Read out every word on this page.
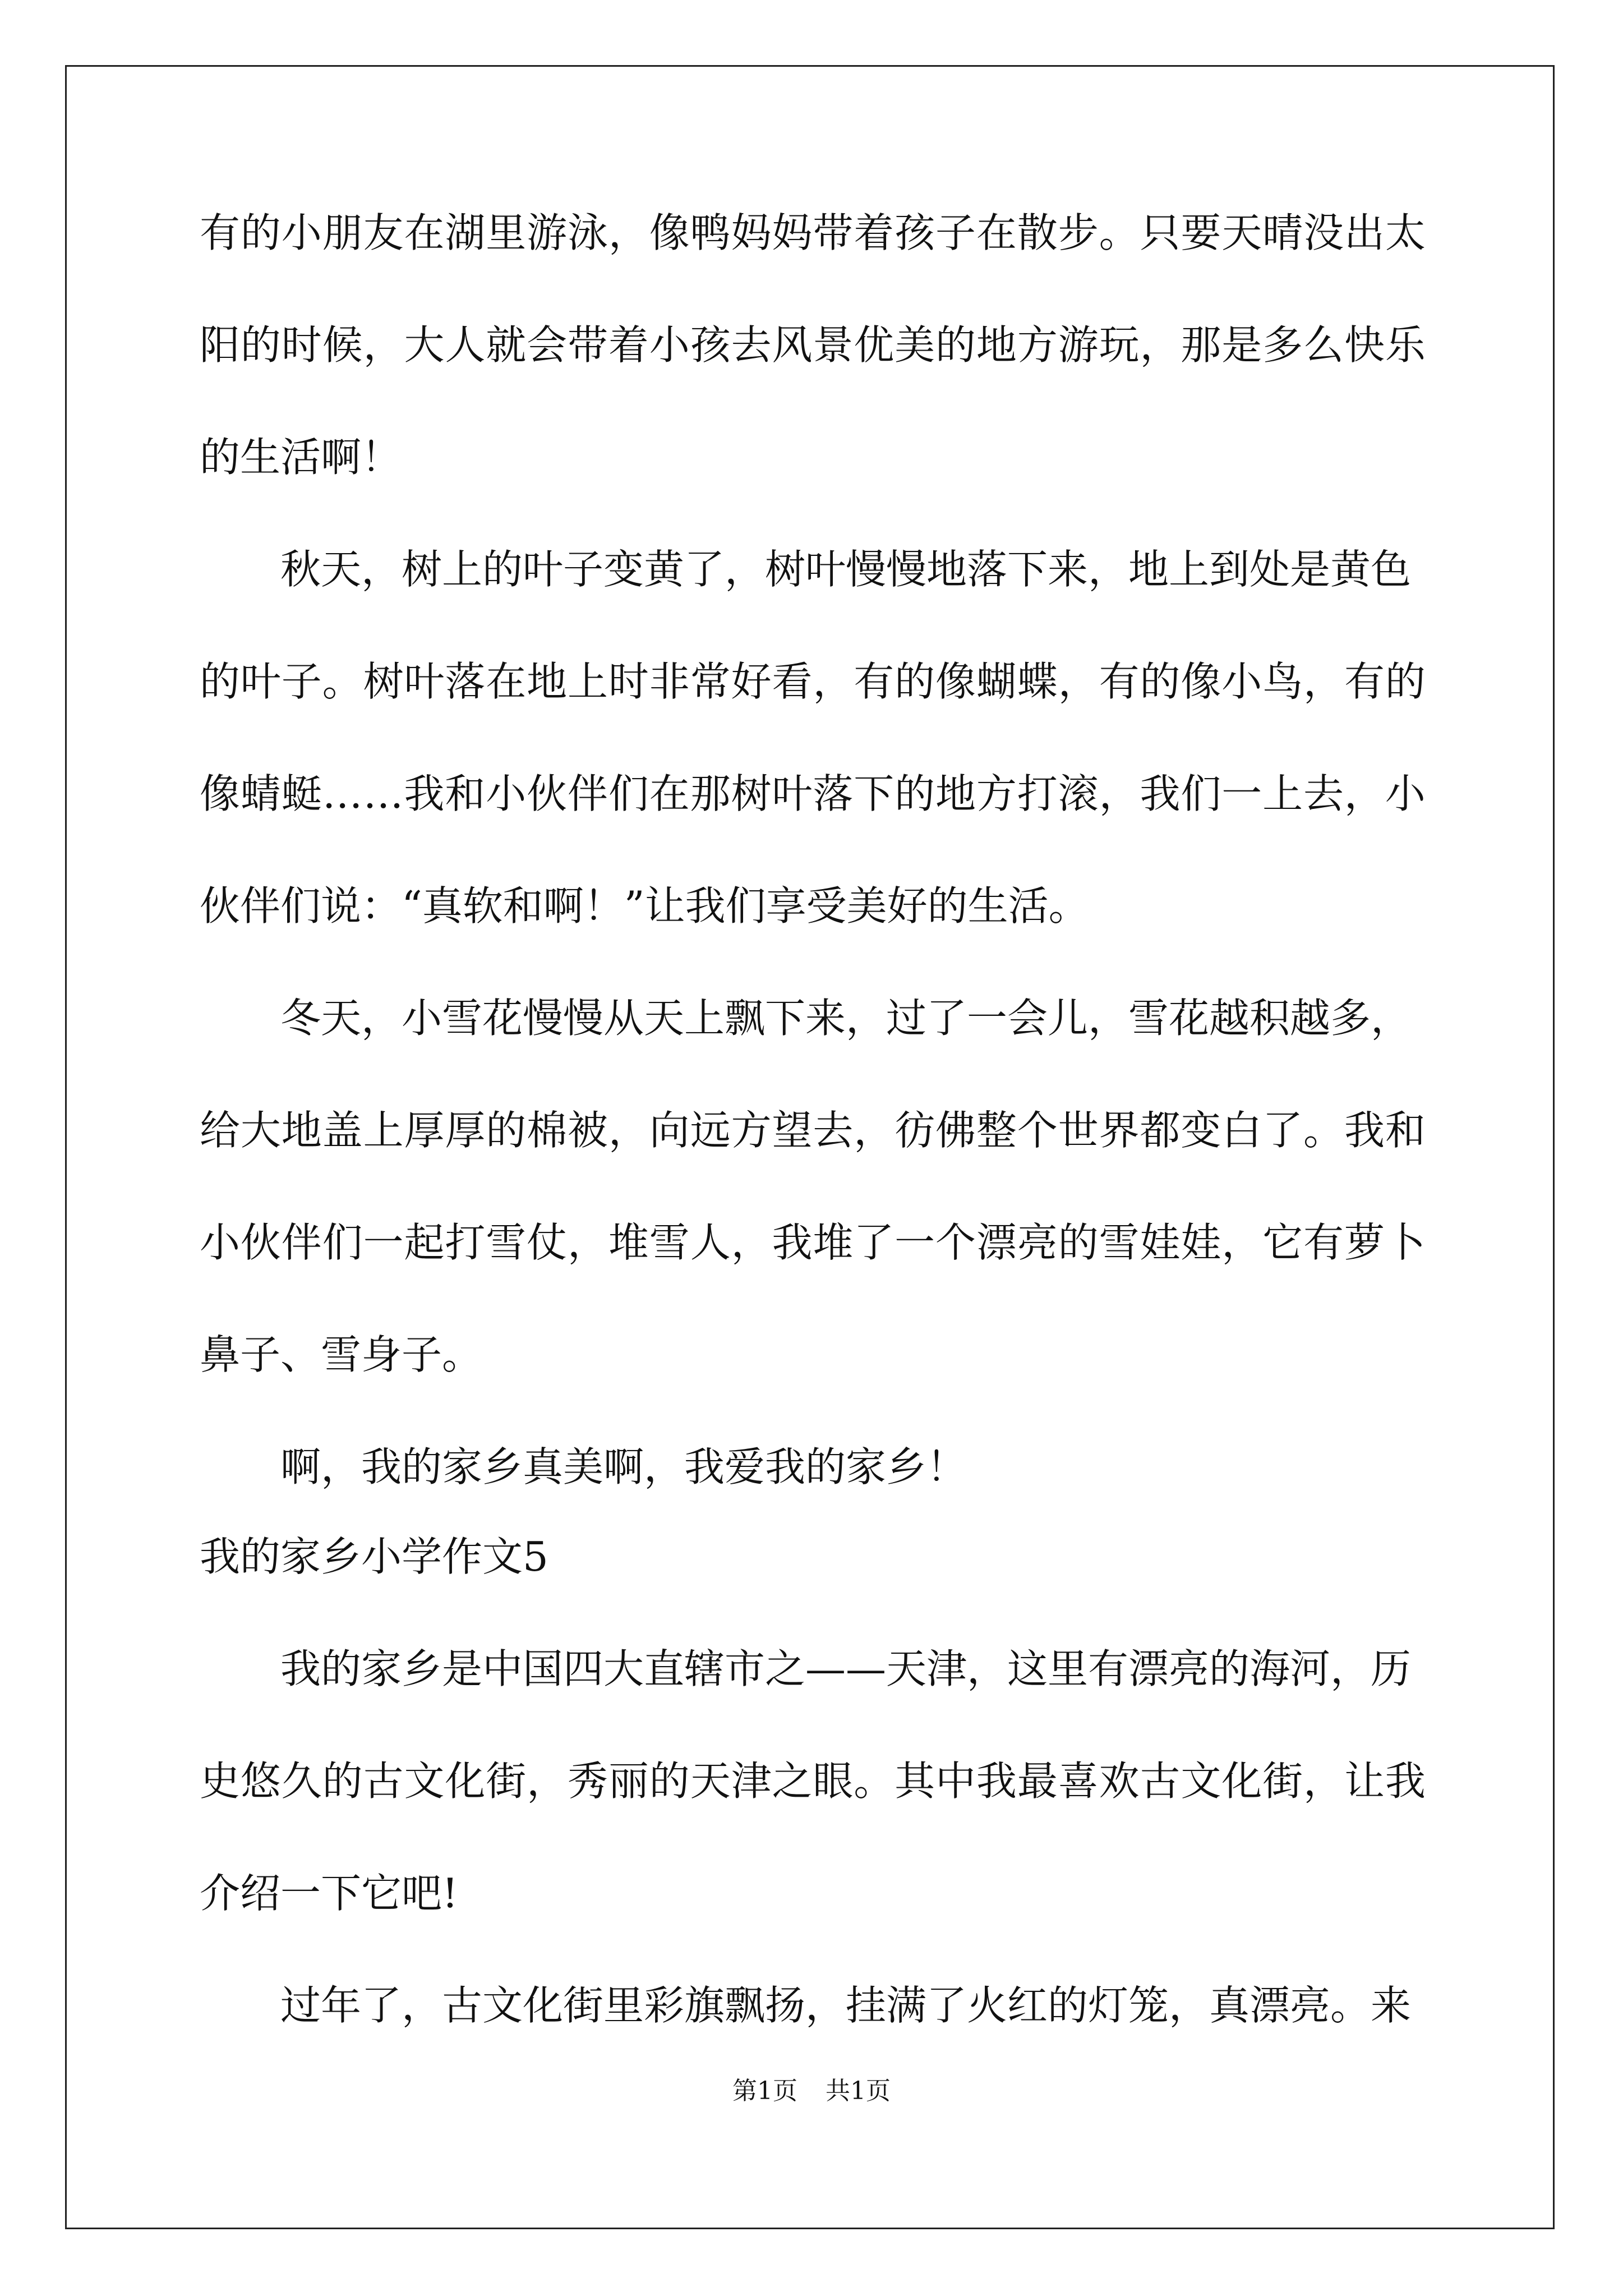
有 的 小 朋 友 在 湖 里 游 泳 ， 像 鸭 妈 妈 带 着 孩 子 在 散 步 。 只 要 天 晴 没 出 太
阳 的 时 候 ， 大 人 就 会 带 着 小 孩 去 风 景 优 美 的 地 方 游 玩 ， 那 是 多 么 快 乐
的生活啊！
秋天，树上的叶子变黄了，树叶慢慢地落下来，地上到处是黄色
的 叶 子 。 树 叶 落 在 地 上 时 非 常 好 看 ， 有 的 像 蝴 蝶 ， 有 的 像 小 鸟 ， 有 的
像 蜻 蜓 … … 我 和 小 伙 伴 们 在 那 树 叶 落 下 的 地 方 打 滚 ， 我 们 一 上 去 ， 小
伙伴们说：“真软和啊！”让我们享受美好的生活。
冬天，小雪花慢慢从天上飘下来，过了一会儿，雪花越积越多，
给 大 地 盖 上 厚 厚 的 棉 被 ， 向 远 方 望 去 ， 彷 佛 整 个 世 界 都 变 白 了 。 我 和
小 伙 伴 们 一 起 打 雪 仗 ， 堆 雪 人 ， 我 堆 了 一 个 漂 亮 的 雪 娃 娃 ， 它 有 萝 卜
鼻子、雪身子。
啊，我的家乡真美啊，我爱我的家乡！
我的家乡小学作文5
我的家乡是中国四大直辖市之——天津，这里有漂亮的海河，历
史 悠 久 的 古 文 化 街 ， 秀 丽 的 天 津 之 眼 。 其 中 我 最 喜 欢 古 文 化 街 ， 让 我
介绍一下它吧!
过年了，古文化街里彩旗飘扬，挂满了火红的灯笼，真漂亮。来
第1页 共1页
